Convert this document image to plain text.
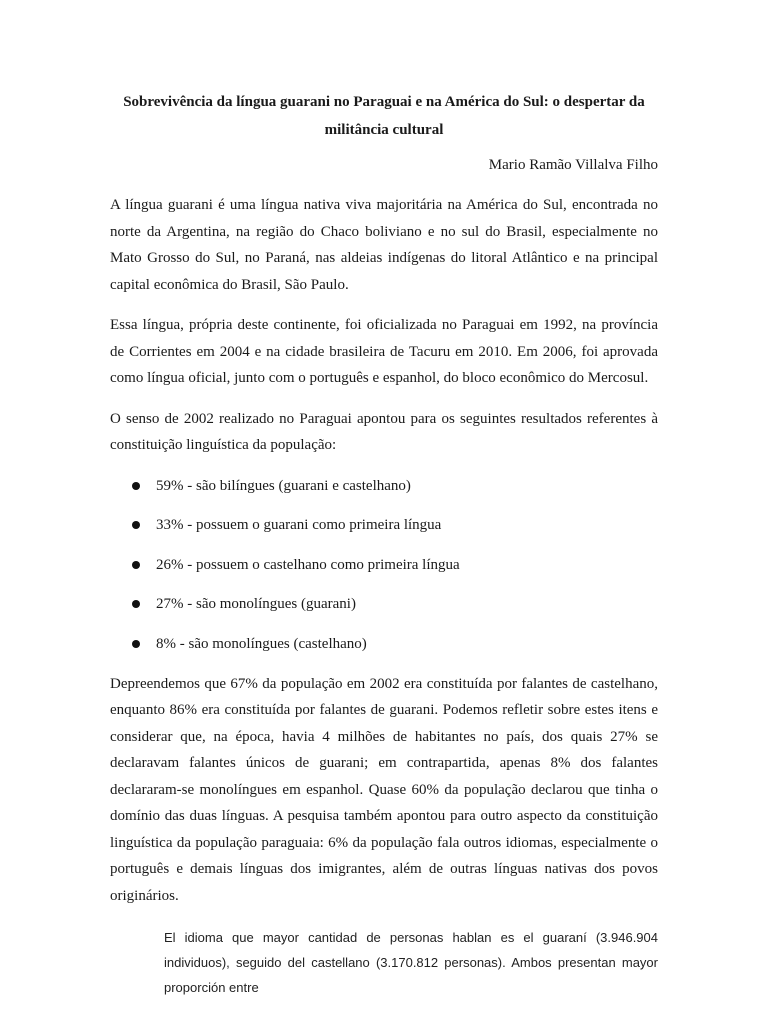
Sobrevivência da língua guarani no Paraguai e na América do Sul: o despertar da militância cultural
Mario Ramão Villalva Filho

A língua guarani é uma língua nativa viva majoritária na América do Sul, encontrada no norte da Argentina, na região do Chaco boliviano e no sul do Brasil, especialmente no Mato Grosso do Sul, no Paraná, nas aldeias indígenas do litoral Atlântico e na principal capital econômica do Brasil, São Paulo.

Essa língua, própria deste continente, foi oficializada no Paraguai em 1992, na província de Corrientes em 2004 e na cidade brasileira de Tacuru em 2010. Em 2006, foi aprovada como língua oficial, junto com o português e espanhol, do bloco econômico do Mercosul.

O senso de 2002 realizado no Paraguai apontou para os seguintes resultados referentes à constituição linguística da população:

59% - são bilíngues (guarani e castelhano)
33% - possuem o guarani como primeira língua
26% - possuem o castelhano como primeira língua
27% - são monolíngues (guarani)
8% - são monolíngues (castelhano)

Depreendemos que 67% da população em 2002 era constituída por falantes de castelhano, enquanto 86% era constituída por falantes de guarani. Podemos refletir sobre estes itens e considerar que, na época, havia 4 milhões de habitantes no país, dos quais 27% se declaravam falantes únicos de guarani; em contrapartida, apenas 8% dos falantes declararam-se monolíngues em espanhol. Quase 60% da população declarou que tinha o domínio das duas línguas. A pesquisa também apontou para outro aspecto da constituição linguística da população paraguaia: 6% da população fala outros idiomas, especialmente o português e demais línguas dos imigrantes, além de outras línguas nativas dos povos originários.

El idioma que mayor cantidad de personas hablan es el guaraní (3.946.904 individuos), seguido del castellano (3.170.812 personas). Ambos presentan mayor proporción entre
